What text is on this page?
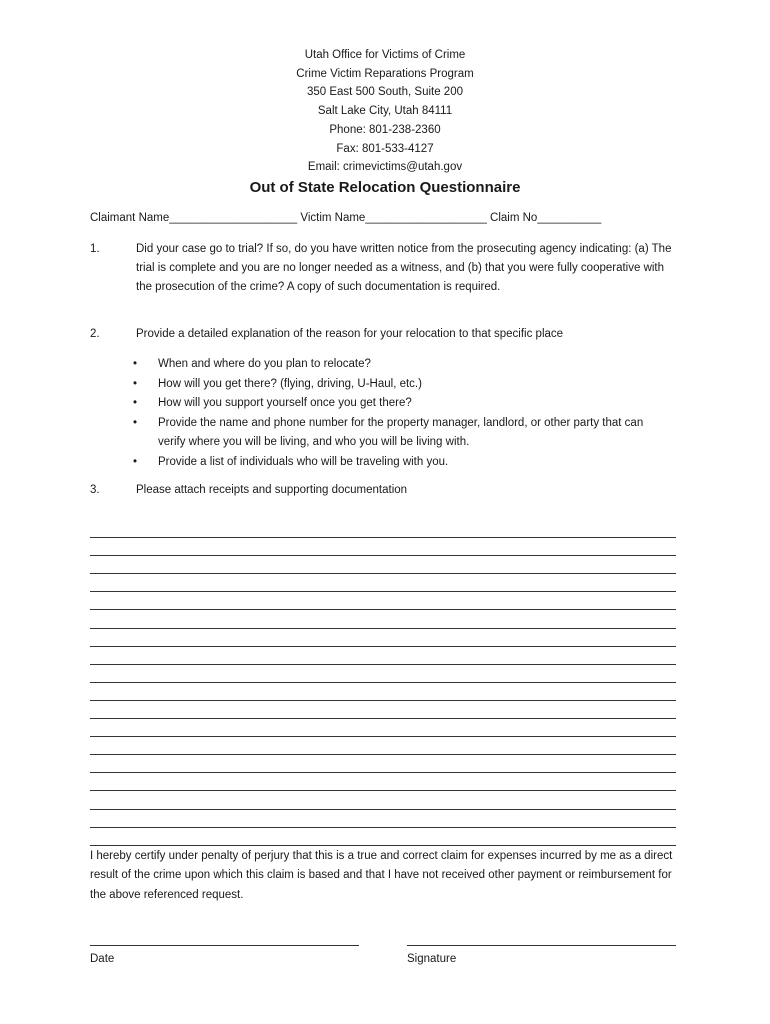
Utah Office for Victims of Crime
Crime Victim Reparations Program
350 East 500 South, Suite 200
Salt Lake City, Utah 84111
Phone: 801-238-2360
Fax: 801-533-4127
Email: crimevictims@utah.gov
Out of State Relocation Questionnaire
Claimant Name____________________ Victim Name___________________ Claim No__________
1.	Did your case go to trial? If so, do you have written notice from the prosecuting agency indicating: (a) The trial is complete and you are no longer needed as a witness, and (b) that you were fully cooperative with the prosecution of the crime? A copy of such documentation is required.
2.	Provide a detailed explanation of the reason for your relocation to that specific place
• When and where do you plan to relocate?
• How will you get there? (flying, driving, U-Haul, etc.)
• How will you support yourself once you get there?
• Provide the name and phone number for the property manager, landlord, or other party that can verify where you will be living, and who you will be living with.
• Provide a list of individuals who will be traveling with you.
3.	Please attach receipts and supporting documentation
I hereby certify under penalty of perjury that this is a true and correct claim for expenses incurred by me as a direct result of the crime upon which this claim is based and that I have not received other payment or reimbursement for the above referenced request.
Date	Signature
